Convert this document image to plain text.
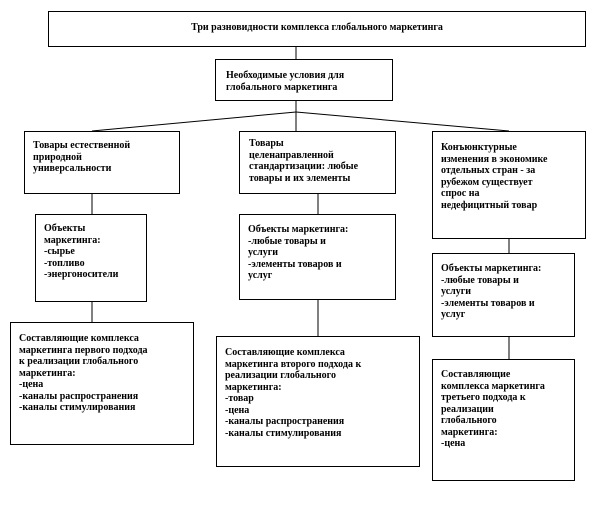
Три разновидности комплекса глобального маркетинга
Необходимые условия для
глобального маркетинга
Товары естественной
природной
универсальности
Объекты
маркетинга:
-сырье
-топливо
-энергоносители
Составляющие комплекса
маркетинга первого подхода
к реализации глобального
маркетинга:
-цена
-каналы распространения
-каналы стимулирования
Товары
целенаправленной
стандартизации: любые
товары и их элементы
Объекты маркетинга:
-любые товары и
услуги
-элементы товаров и
услуг
Составляющие комплекса
маркетинга второго подхода к
реализации глобального
маркетинга:
-товар
-цена
-каналы распространения
-каналы стимулирования
Конъюнктурные
изменения в экономике
отдельных стран - за
рубежом существует
спрос на
недефицитный товар
Объекты маркетинга:
-любые товары и
услуги
-элементы товаров и
услуг
Составляющие
комплекса маркетинга
третьего подхода к
реализации
глобального
маркетинга:
-цена
